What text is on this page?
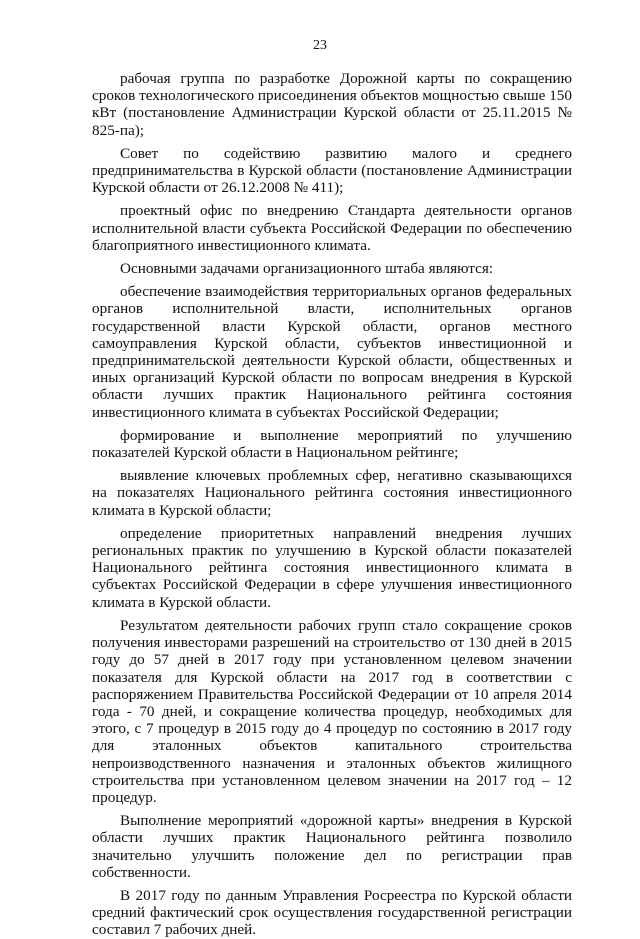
23

рабочая группа по разработке Дорожной карты по сокращению сроков технологического присоединения объектов мощностью свыше 150 кВт (постановление Администрации Курской области от 25.11.2015 № 825-па);

Совет по содействию развитию малого и среднего предпринимательства в Курской области (постановление Администрации Курской области от 26.12.2008 № 411);

проектный офис по внедрению Стандарта деятельности органов исполнительной власти субъекта Российской Федерации по обеспечению благоприятного инвестиционного климата.

Основными задачами организационного штаба являются:

обеспечение взаимодействия территориальных органов федеральных органов исполнительной власти, исполнительных органов государственной власти Курской области, органов местного самоуправления Курской области, субъектов инвестиционной и предпринимательской деятельности Курской области, общественных и иных организаций Курской области по вопросам внедрения в Курской области лучших практик Национального рейтинга состояния инвестиционного климата в субъектах Российской Федерации;

формирование и выполнение мероприятий по улучшению показателей Курской области в Национальном рейтинге;

выявление ключевых проблемных сфер, негативно сказывающихся на показателях Национального рейтинга состояния инвестиционного климата в Курской области;

определение приоритетных направлений внедрения лучших региональных практик по улучшению в Курской области показателей Национального рейтинга состояния инвестиционного климата в субъектах Российской Федерации в сфере улучшения инвестиционного климата в Курской области.

Результатом деятельности рабочих групп стало сокращение сроков получения инвесторами разрешений на строительство от 130 дней в 2015 году до 57 дней в 2017 году при установленном целевом значении показателя для Курской области на 2017 год в соответствии с распоряжением Правительства Российской Федерации от 10 апреля 2014 года - 70 дней, и сокращение количества процедур, необходимых для этого, с 7 процедур в 2015 году до 4 процедур по состоянию в 2017 году для эталонных объектов капитального строительства непроизводственного назначения и эталонных объектов жилищного строительства при установленном целевом значении на 2017 год – 12 процедур.

Выполнение мероприятий «дорожной карты» внедрения в Курской области лучших практик Национального рейтинга позволило значительно улучшить положение дел по регистрации прав собственности.

В 2017 году по данным Управления Росреестра по Курской области средний фактический срок осуществления государственной регистрации составил 7 рабочих дней.
